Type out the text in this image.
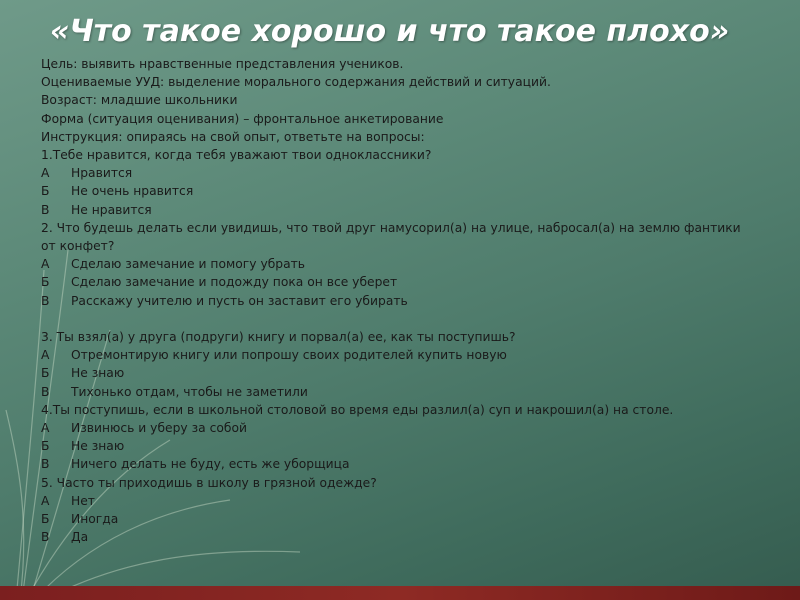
«Что такое хорошо и что такое плохо»
Цель: выявить нравственные представления учеников.
Оцениваемые УУД: выделение морального содержания действий и ситуаций.
Возраст: младшие школьники
Форма (ситуация оценивания) – фронтальное анкетирование
Инструкция: опираясь на свой опыт, ответьте на вопросы:
1.Тебе нравится, когда тебя уважают твои одноклассники?
А Нравится
Б Не очень нравится
В Не нравится
2. Что будешь делать если увидишь, что твой друг намусорил(а) на улице, набросал(а) на землю фантики от конфет?
А Сделаю замечание и помогу убрать
Б Сделаю замечание и подожду пока он все уберет
В Расскажу учителю и пусть он заставит его убирать
3. Ты взял(а) у друга (подруги) книгу и порвал(а) ее, как ты поступишь?
А Отремонтирую книгу или попрошу своих родителей купить новую
Б Не знаю
В Тихонько отдам, чтобы не заметили
4.Ты поступишь, если в школьной столовой во время еды разлил(а) суп и накрошил(а) на столе.
А Извинюсь и уберу за собой
Б Не знаю
В Ничего делать не буду, есть же уборщица
5. Часто ты приходишь в школу в грязной одежде?
А Нет
Б Иногда
В Да
